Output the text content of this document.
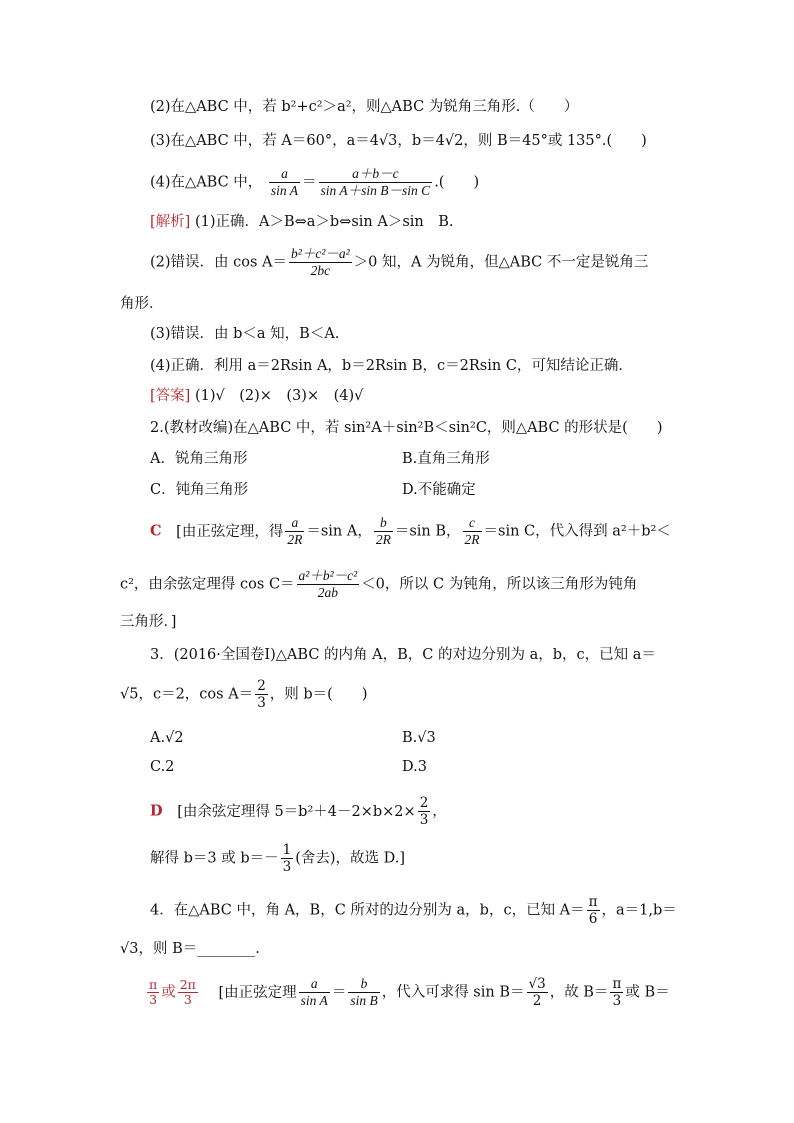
(2)在△ABC 中，若 b²+c²＞a²，则△ABC 为锐角三角形.（　　）
(3)在△ABC 中，若 A＝60°，a＝4√3，b＝4√2，则 B＝45°或 135°.(　　)
(4)在△ABC 中， $\frac{a}{\text{sin A}} = \frac{a+b-c}{\text{sin A＋sin B－sin C}}$ .(　　)
[解析] (1)正确．A＞B⇔a＞b⇔sin A＞sin　B.
(2)错误．由 $\cos A= \frac{\text{b²＋c²－a²}}{2bc} >0$ 知，A 为锐角，但△ABC 不一定是锐角三
角形．
(3)错误．由 b＜a 知，B＜A.
(4)正确．利用 a＝2Rsin A，b＝2Rsin B，c＝2Rsin C，可知结论正确．
[答案] (1)√　(2)×　(3)×　(4)√
2.(教材改编)在△ABC 中，若 sin²A＋sin²B＜sin²C，则△ABC 的形状是(　　)
A．锐角三角形	B.直角三角形
C．钝角三角形	D.不能确定
C [由正弦定理，得 $\frac{a}{2R} =\sin$ A， $\frac{b}{2R} =\sin$ B， $\frac{c}{2R} =\sin$ C，代入得到 a²＋b²＜
c²，由余弦定理得 $\cos C= \frac{\text{a²＋b²－c²}}{2ab} <0$，所以 C 为钝角，所以该三角形为钝角
三角形．]
3．(2016·全国卷Ⅰ)△ABC 的内角 A，B，C 的对边分别为 a，b，c，已知 a＝
√5，c＝2，$\cos A= \frac{2}{3}$ ，则 b＝(　　)
A.√2	B.√3
C.2	D.3
D [由余弦定理得 $5=b^2+4-2\times b\times 2\times \frac{2}{3}$ ，
解得 b＝3 或 $b=- \frac{1}{3}$ (舍去)，故选 D.]
4．在△ABC 中，角 A，B，C 所对的边分别为 a，b，c，已知 $A= \frac{\pi}{6}$ ，a＝1,b＝
√3，则 B＝________.
$\frac{\pi}{3}$ 或 $\frac{2\pi}{3}$ [由正弦定理 $\frac{a}{\text{sin A}} = \frac{b}{\text{sin B}}$ ，代入可求得 $\sin B= \frac{√3}{2}$ ，故 $B= \frac{\pi}{3}$ 或 B＝
